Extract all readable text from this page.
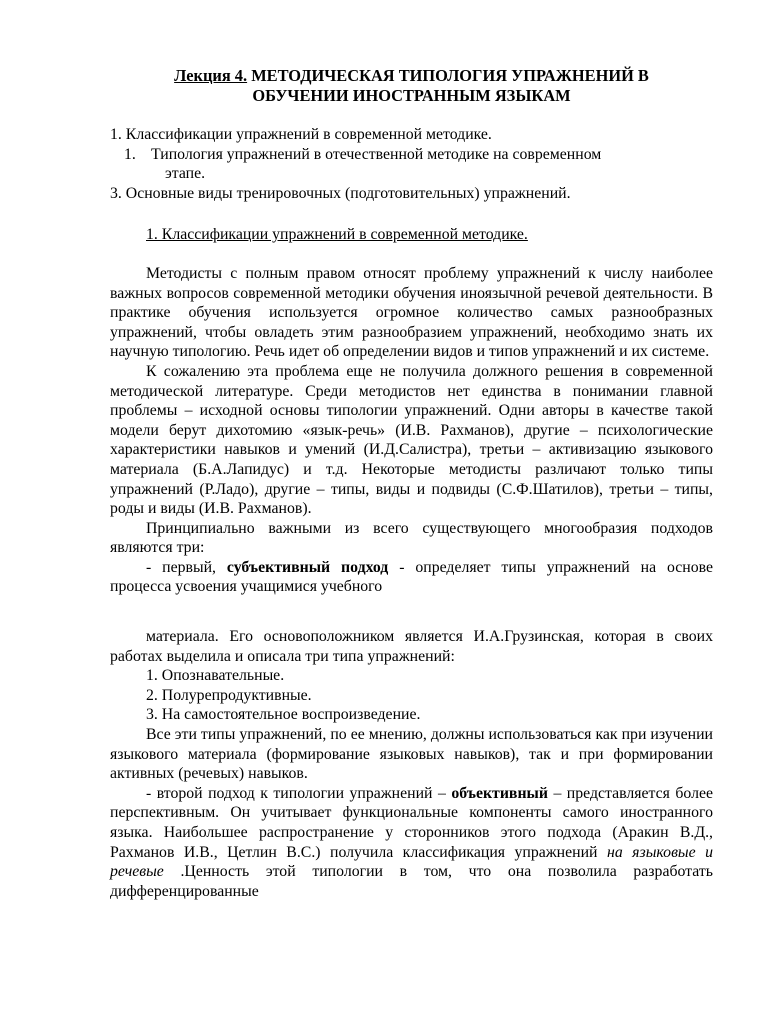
Лекция 4. МЕТОДИЧЕСКАЯ ТИПОЛОГИЯ УПРАЖНЕНИЙ В
ОБУЧЕНИИ ИНОСТРАННЫМ ЯЗЫКАМ
1. Классификации упражнений в современной методике.
1. Типология упражнений в отечественной методике на современном
этапе.
3. Основные виды тренировочных (подготовительных) упражнений.
1. Классификации упражнений в современной методике.

Методисты с полным правом относят проблему упражнений к числу наиболее важных вопросов современной методики обучения иноязычной речевой деятельности. В практике обучения используется огромное количество самых разнообразных упражнений, чтобы овладеть этим разнообразием упражнений, необходимо знать их научную типологию. Речь идет об определении видов и типов упражнений и их системе.

К сожалению эта проблема еще не получила должного решения в современной методической литературе. Среди методистов нет единства в понимании главной проблемы – исходной основы типологии упражнений. Одни авторы в качестве такой модели берут дихотомию «язык-речь» (И.В. Рахманов), другие – психологические характеристики навыков и умений (И.Д.Салистра), третьи – активизацию языкового материала (Б.А.Лапидус) и т.д. Некоторые методисты различают только типы упражнений (Р.Ладо), другие – типы, виды и подвиды (С.Ф.Шатилов), третьи – типы, роды и виды (И.В. Рахманов).

Принципиально важными из всего существующего многообразия подходов являются три:

- первый, субъективный подход - определяет типы упражнений на основе процесса усвоения учащимися учебного

материала. Его основоположником является И.А.Грузинская, которая в своих работах выделила и описала три типа упражнений:

1. Опознавательные.
2. Полурепродуктивные.
3. На самостоятельное воспроизведение.

Все эти типы упражнений, по ее мнению, должны использоваться как при изучении языкового материала (формирование языковых навыков), так и при формировании активных (речевых) навыков.

- второй подход к типологии упражнений – объективный – представляется более перспективным. Он учитывает функциональные компоненты самого иностранного языка. Наибольшее распространение у сторонников этого подхода (Аракин В.Д., Рахманов И.В., Цетлин В.С.) получила классификация упражнений на языковые и речевые .Ценность этой типологии в том, что она позволила разработать дифференцированные
